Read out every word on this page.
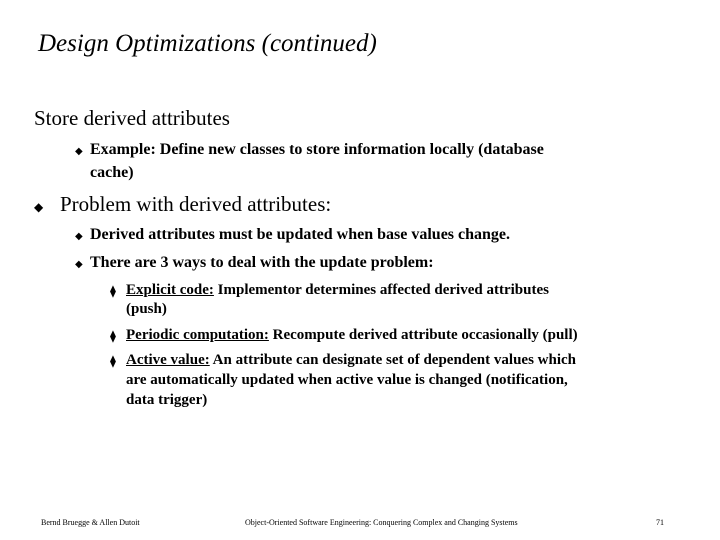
Design Optimizations (continued)
Store derived attributes
◆ Example: Define new classes to store information locally (database
cache)
◆ Problem with derived attributes:
◆ Derived attributes must be updated when base values change.
◆ There are 3 ways to deal with the update problem:
⧫ Explicit code: Implementor determines affected derived attributes
(push)
⧫ Periodic computation: Recompute derived attribute occasionally (pull)
⧫ Active value: An attribute can designate set of dependent values which
are automatically updated when active value is changed (notification,
data trigger)
Bernd Bruegge & Allen Dutoit	Object-Oriented Software Engineering: Conquering Complex and Changing Systems	71
